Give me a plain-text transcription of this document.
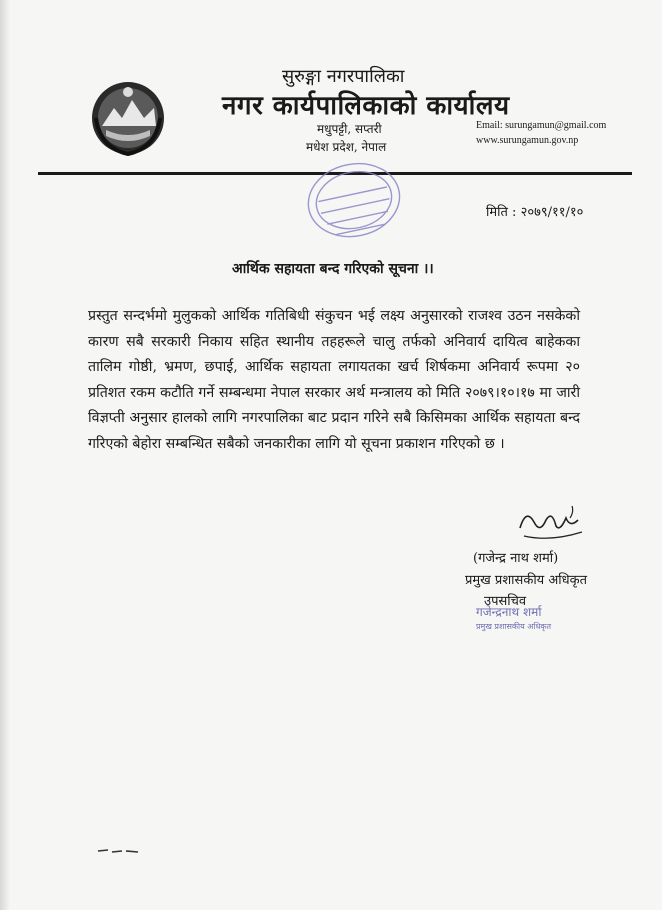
सुरुङ्गा नगरपालिका
नगर कार्यपालिकाको कार्यालय
मधुपट्टी, सप्तरी
मधेश प्रदेश, नेपाल
Email: surungamun@gmail.com
www.surungamun.gov.np
मिति : २०७९/११/१०
आर्थिक सहायता बन्द गरिएको सूचना ।।
प्रस्तुत सन्दर्भमो मुलुकको आर्थिक गतिबिधी संकुचन भई लक्ष्य अनुसारको राजश्व उठन नसकेको कारण सबै सरकारी निकाय सहित स्थानीय तहहरूले चालु तर्फको अनिवार्य दायित्व बाहेकका तालिम गोष्ठी, भ्रमण, छपाई, आर्थिक सहायता लगायतका खर्च शिर्षकमा अनिवार्य रूपमा २० प्रतिशत रकम कटौति गर्ने सम्बन्धमा नेपाल सरकार अर्थ मन्त्रालय को मिति २०७९।१०।१७ मा जारी विज्ञप्ती अनुसार हालको लागि नगरपालिका बाट प्रदान गरिने सबै किसिमका आर्थिक सहायता बन्द गरिएको बेहोरा सम्बन्धित सबैको जनकारीका लागि यो सूचना प्रकाशन गरिएको छ ।
(गजेन्द्र नाथ शर्मा)
प्रमुख प्रशासकीय अधिकृत
उपसचिव
गजेन्द्रनाथ शर्मा
प्रमुख प्रशासकीय अधिकृत
